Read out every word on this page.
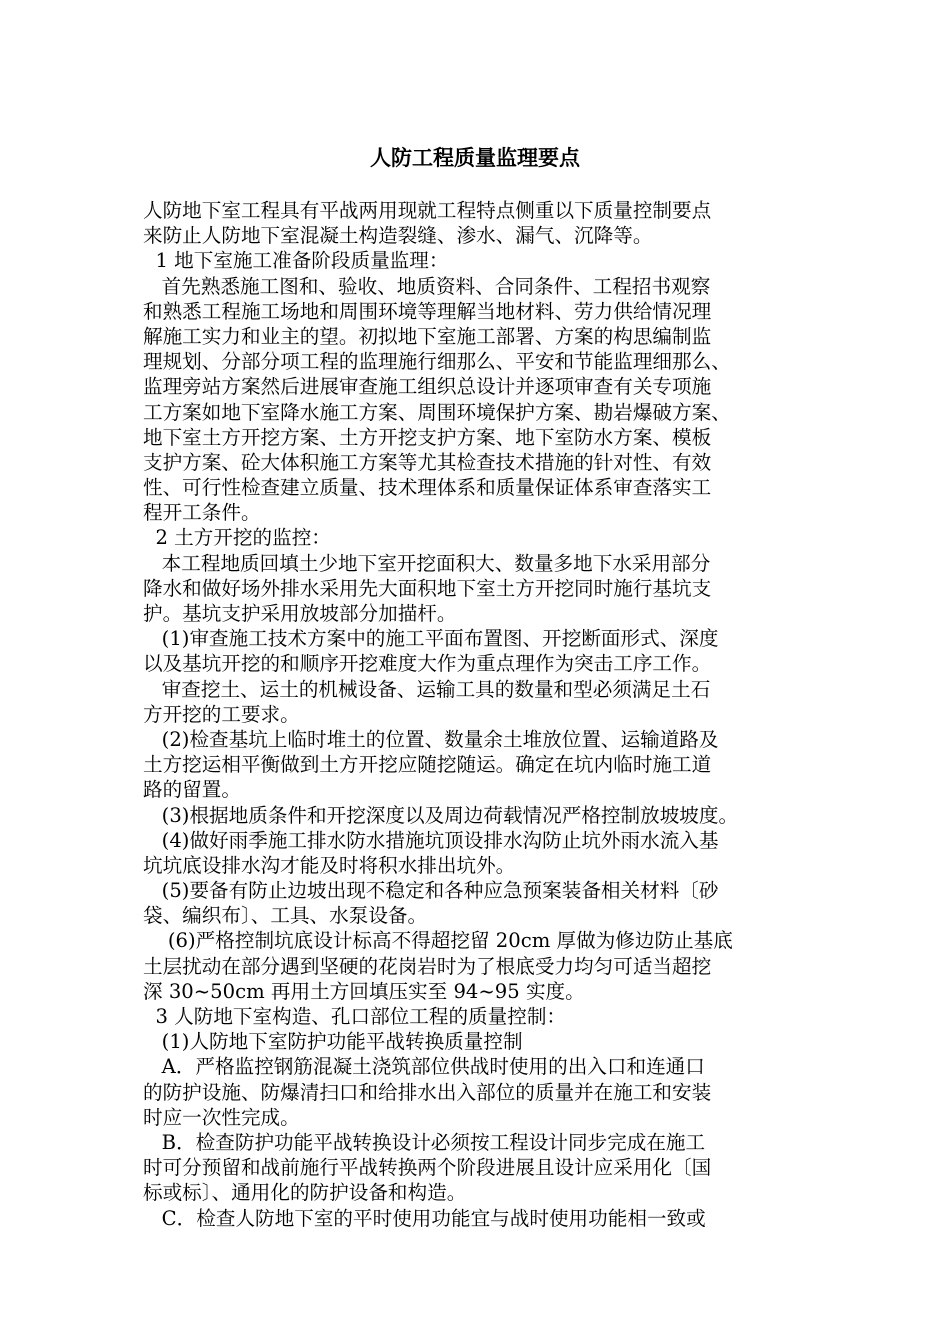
人防工程质量监理要点
人防地下室工程具有平战两用现就工程特点侧重以下质量控制要点
来防止人防地下室混凝土构造裂缝、渗水、漏气、沉降等。
1 地下室施工准备阶段质量监理：
首先熟悉施工图和、验收、地质资料、合同条件、工程招书观察
和熟悉工程施工场地和周围环境等理解当地材料、劳力供给情况理
解施工实力和业主的望。初拟地下室施工部署、方案的构思编制监
理规划、分部分项工程的监理施行细那么、平安和节能监理细那么、
监理旁站方案然后进展审查施工组织总设计并逐项审查有关专项施
工方案如地下室降水施工方案、周围环境保护方案、勘岩爆破方案、
地下室土方开挖方案、土方开挖支护方案、地下室防水方案、模板
支护方案、砼大体积施工方案等尤其检查技术措施的针对性、有效
性、可行性检查建立质量、技术理体系和质量保证体系审查落实工
程开工条件。
2 土方开挖的监控：
本工程地质回填土少地下室开挖面积大、数量多地下水采用部分
降水和做好场外排水采用先大面积地下室土方开挖同时施行基坑支
护。基坑支护采用放坡部分加描杆。
(1)审查施工技术方案中的施工平面布置图、开挖断面形式、深度
以及基坑开挖的和顺序开挖难度大作为重点理作为突击工序工作。
审查挖土、运土的机械设备、运输工具的数量和型必须满足土石
方开挖的工要求。
(2)检查基坑上临时堆土的位置、数量余土堆放位置、运输道路及
土方挖运相平衡做到土方开挖应随挖随运。确定在坑内临时施工道
路的留置。
(3)根据地质条件和开挖深度以及周边荷载情况严格控制放坡坡度。
(4)做好雨季施工排水防水措施坑顶设排水沟防止坑外雨水流入基
坑坑底设排水沟才能及时将积水排出坑外。
(5)要备有防止边坡出现不稳定和各种应急预案装备相关材料〔砂
袋、编织布〕、工具、水泵设备。
(6)严格控制坑底设计标高不得超挖留 20cm 厚做为修边防止基底
土层扰动在部分遇到坚硬的花岗岩时为了根底受力均匀可适当超挖
深 30~50cm 再用土方回填压实至 94~95 实度。
3 人防地下室构造、孔口部位工程的质量控制：
(1)人防地下室防护功能平战转换质量控制
A．严格监控钢筋混凝土浇筑部位供战时使用的出入口和连通口
的防护设施、防爆清扫口和给排水出入部位的质量并在施工和安装
时应一次性完成。
B．检查防护功能平战转换设计必须按工程设计同步完成在施工
时可分预留和战前施行平战转换两个阶段进展且设计应采用化〔国
标或标〕、通用化的防护设备和构造。
C．检查人防地下室的平时使用功能宜与战时使用功能相一致或
